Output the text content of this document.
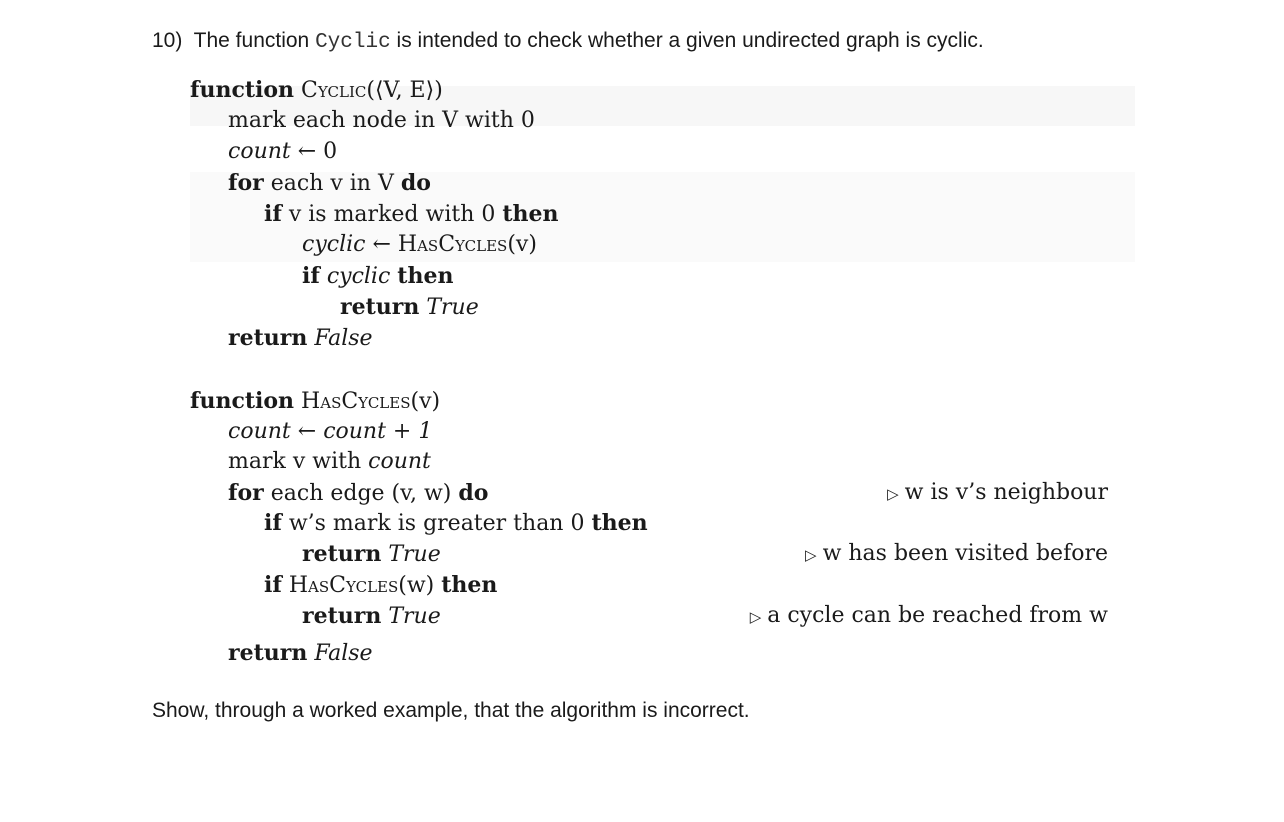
10) The function Cyclic is intended to check whether a given undirected graph is cyclic.
function Cyclic(⟨V, E⟩)
mark each node in V with 0
count ← 0
for each v in V do
if v is marked with 0 then
cyclic ← HasCycles(v)
if cyclic then
return True
return False
function HasCycles(v)
count ← count + 1
mark v with count
for each edge (v, w) do
if w’s mark is greater than 0 then
return True
if HasCycles(w) then
return True
return False
▷ w is v’s neighbour
▷ w has been visited before
▷ a cycle can be reached from w
Show, through a worked example, that the algorithm is incorrect.
